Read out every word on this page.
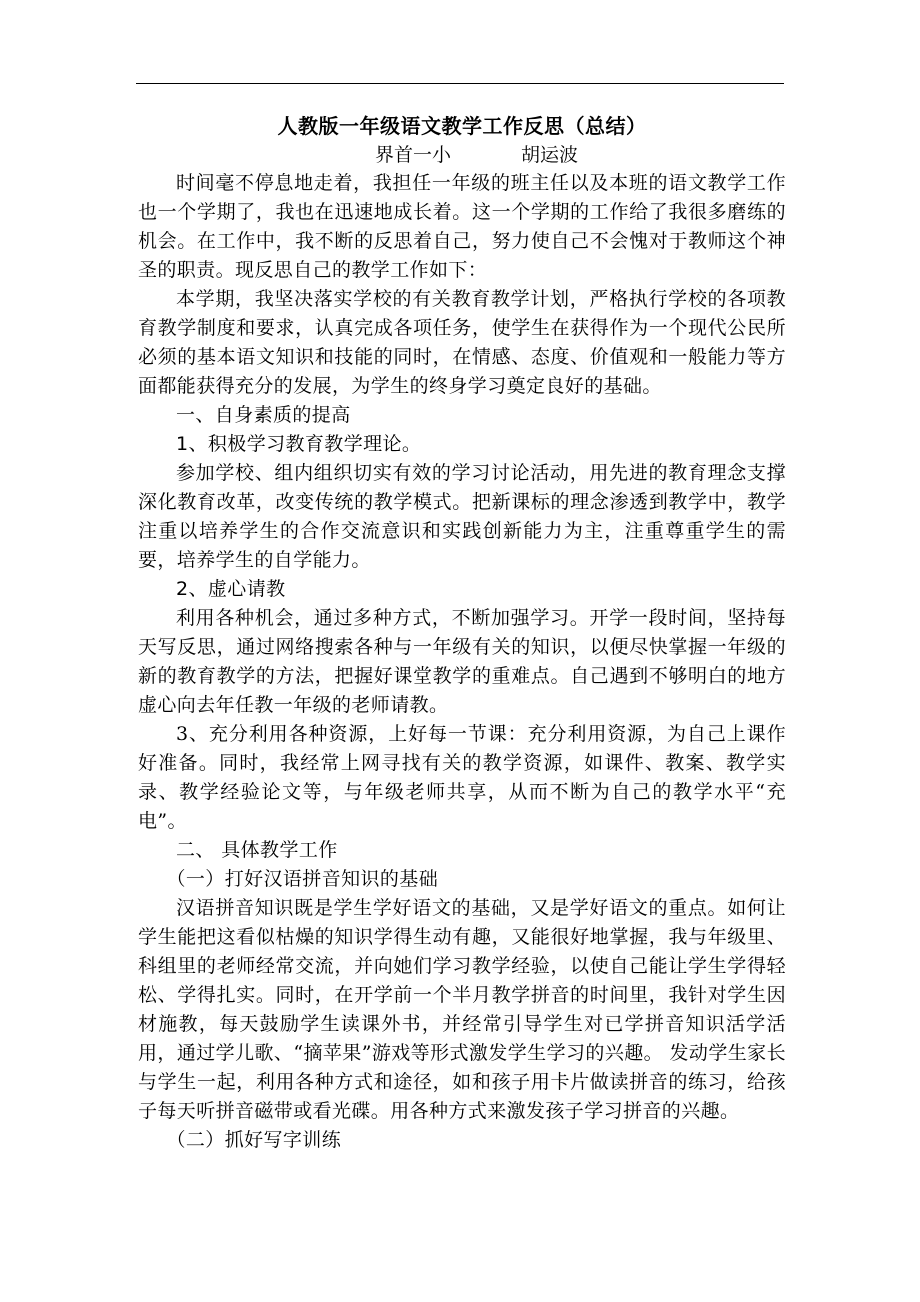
人教版一年级语文教学工作反思（总结）
界首一小	胡运波

时间毫不停息地走着，我担任一年级的班主任以及本班的语文教学工作也一个学期了，我也在迅速地成长着。这一个学期的工作给了我很多磨练的机会。在工作中，我不断的反思着自己，努力使自己不会愧对于教师这个神圣的职责。现反思自己的教学工作如下：

本学期，我坚决落实学校的有关教育教学计划，严格执行学校的各项教育教学制度和要求，认真完成各项任务，使学生在获得作为一个现代公民所必须的基本语文知识和技能的同时，在情感、态度、价值观和一般能力等方面都能获得充分的发展，为学生的终身学习奠定良好的基础。

一、自身素质的提高

1、积极学习教育教学理论。

参加学校、组内组织切实有效的学习讨论活动，用先进的教育理念支撑深化教育改革，改变传统的教学模式。把新课标的理念渗透到教学中，教学注重以培养学生的合作交流意识和实践创新能力为主，注重尊重学生的需要，培养学生的自学能力。

2、虚心请教

利用各种机会，通过多种方式，不断加强学习。开学一段时间，坚持每天写反思，通过网络搜索各种与一年级有关的知识，以便尽快掌握一年级的新的教育教学的方法，把握好课堂教学的重难点。自己遇到不够明白的地方虚心向去年任教一年级的老师请教。

3、充分利用各种资源，上好每一节课：充分利用资源，为自己上课作好准备。同时，我经常上网寻找有关的教学资源，如课件、教案、教学实录、教学经验论文等，与年级老师共享，从而不断为自己的教学水平“充电”。

二、 具体教学工作

（一）打好汉语拼音知识的基础

汉语拼音知识既是学生学好语文的基础，又是学好语文的重点。如何让学生能把这看似枯燥的知识学得生动有趣，又能很好地掌握，我与年级里、科组里的老师经常交流，并向她们学习教学经验，以使自己能让学生学得轻松、学得扎实。同时，在开学前一个半月教学拼音的时间里，我针对学生因材施教，每天鼓励学生读课外书，并经常引导学生对已学拼音知识活学活用，通过学儿歌、“摘苹果”游戏等形式激发学生学习的兴趣。 发动学生家长与学生一起，利用各种方式和途径，如和孩子用卡片做读拼音的练习，给孩子每天听拼音磁带或看光碟。用各种方式来激发孩子学习拼音的兴趣。

（二）抓好写字训练
